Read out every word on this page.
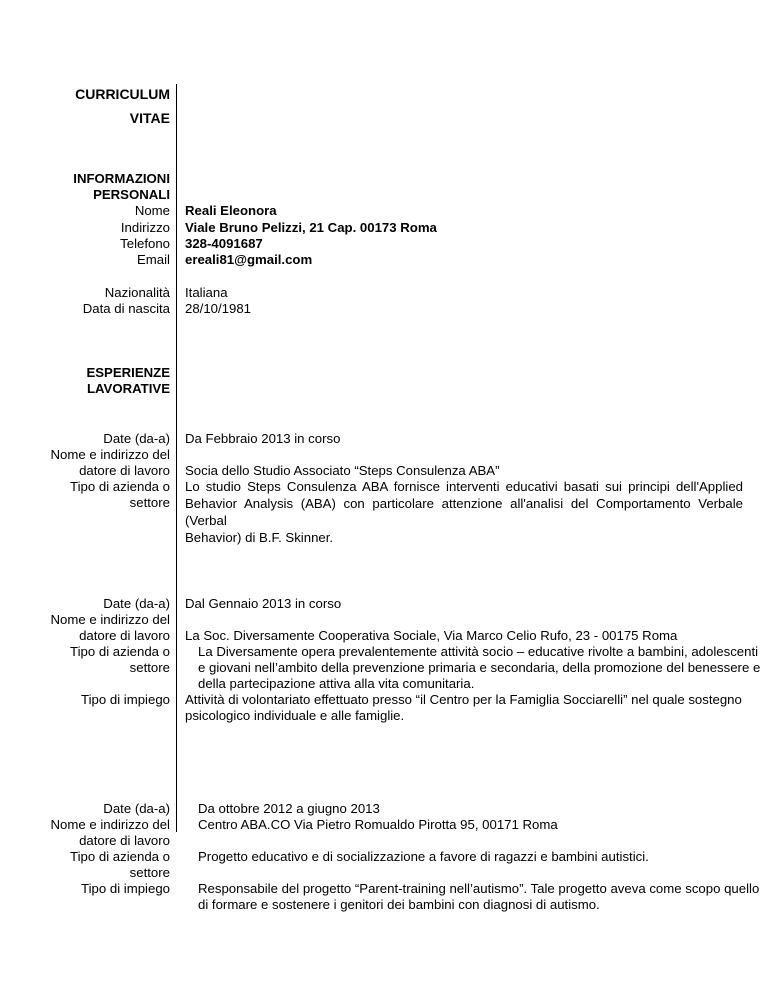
CURRICULUM
VITAE
INFORMAZIONI
PERSONALI
Nome Reali Eleonora
Indirizzo Viale Bruno Pelizzi, 21 Cap. 00173 Roma
Telefono 328-4091687
Email ereali81@gmail.com
Nazionalità Italiana
Data di nascita 28/10/1981
ESPERIENZE
LAVORATIVE
Date (da-a) Da Febbraio 2013 in corso
Nome e indirizzo del
datore di lavoro Socia dello Studio Associato “Steps Consulenza ABA”
Tipo di azienda o
settore
Lo studio Steps Consulenza ABA fornisce interventi educativi basati sui principi dell'Applied
Behavior Analysis (ABA) con particolare attenzione all'analisi del Comportamento Verbale (Verbal
Behavior) di B.F. Skinner.
Date (da-a) Dal Gennaio 2013 in corso
Nome e indirizzo del
datore di lavoro La Soc. Diversamente Cooperativa Sociale, Via Marco Celio Rufo, 23 - 00175 Roma
Tipo di azienda o
settore
La Diversamente opera prevalentemente attività socio – educative rivolte a bambini, adolescenti
e giovani nell’ambito della prevenzione primaria e secondaria, della promozione del benessere e
della partecipazione attiva alla vita comunitaria.
Tipo di impiego Attività di volontariato effettuato presso “il Centro per la Famiglia Socciarelli” nel quale sostegno
psicologico individuale e alle famiglie.
Date (da-a) Da ottobre 2012 a giugno 2013
Nome e indirizzo del Centro ABA.CO Via Pietro Romualdo Pirotta 95, 00171 Roma
datore di lavoro
Tipo di azienda o Progetto educativo e di socializzazione a favore di ragazzi e bambini autistici.
settore
Tipo di impiego Responsabile del progetto “Parent-training nell’autismo”. Tale progetto aveva come scopo quello
di formare e sostenere i genitori dei bambini con diagnosi di autismo.
